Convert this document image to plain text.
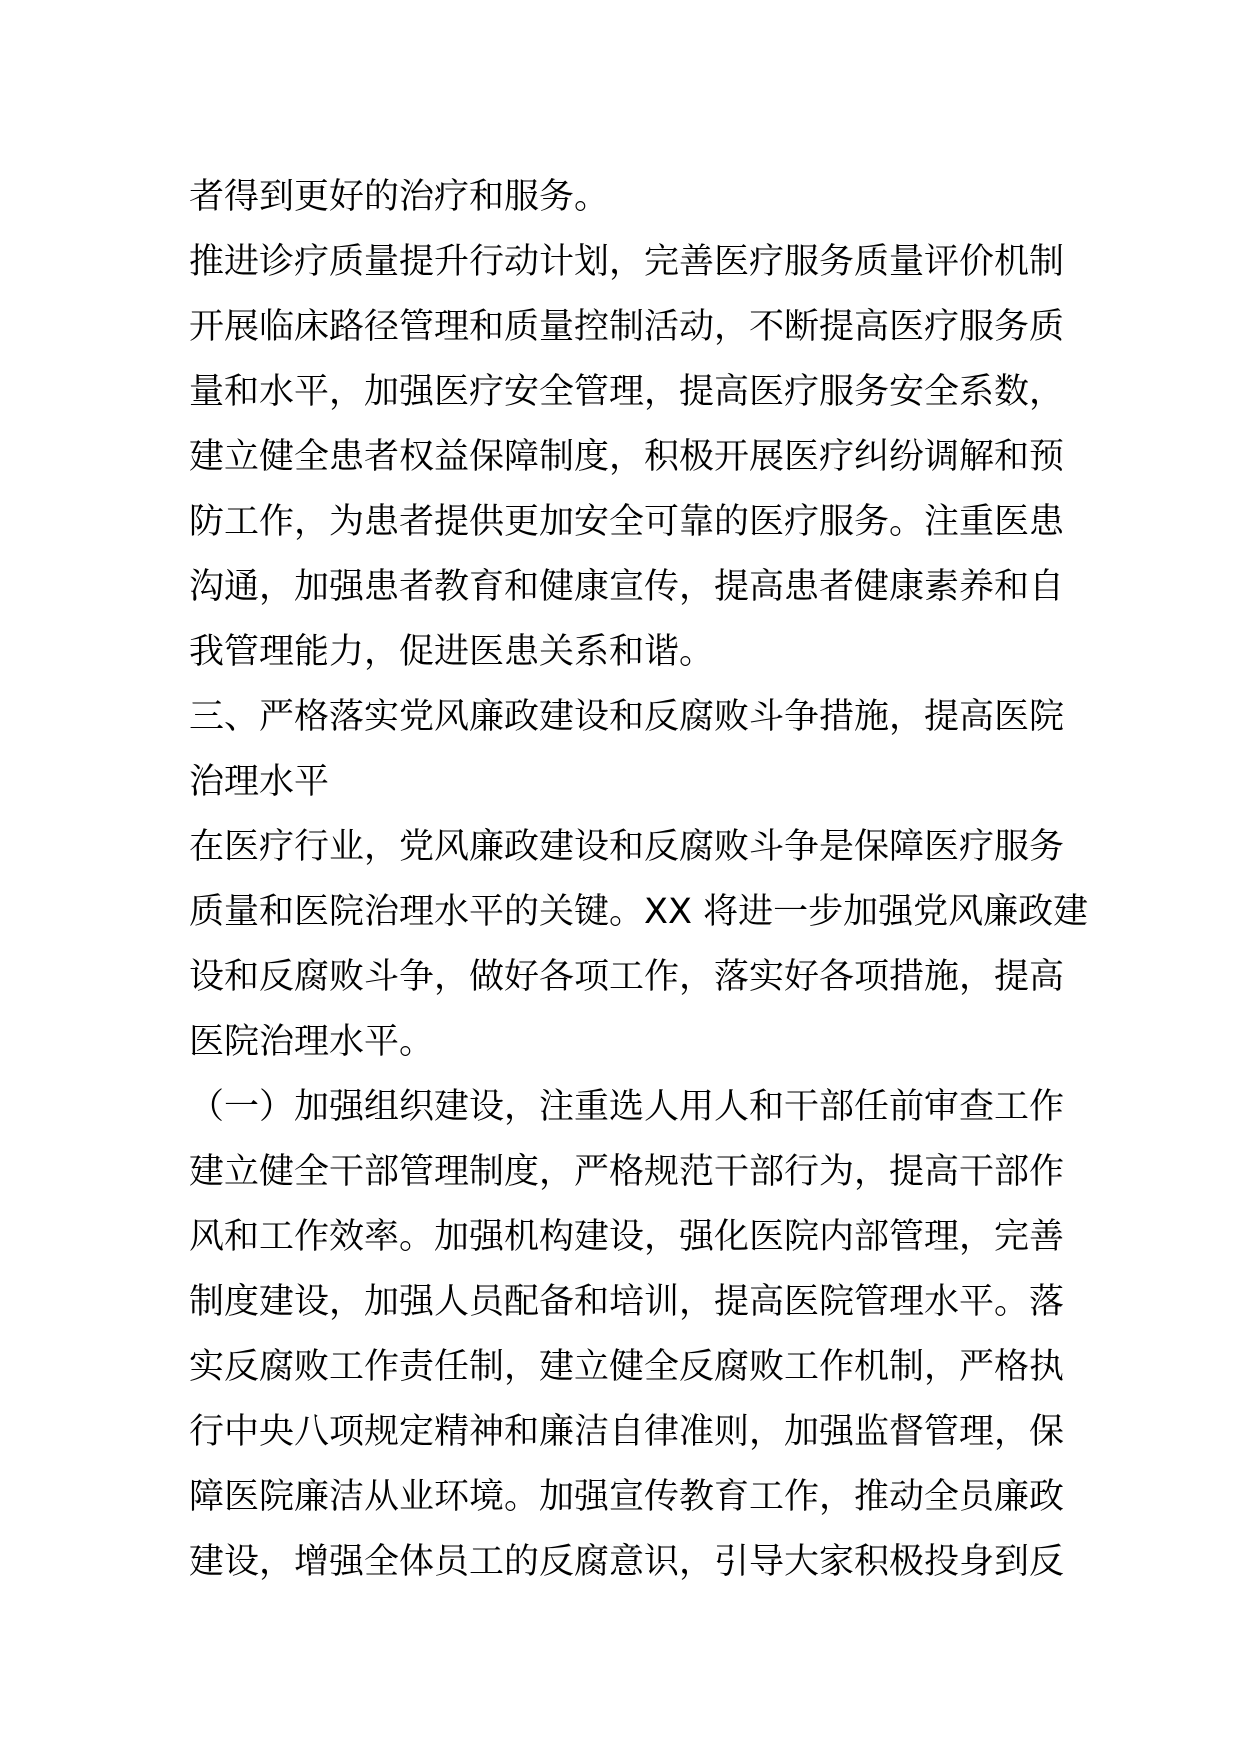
者得到更好的治疗和服务。
推进诊疗质量提升行动计划，完善医疗服务质量评价机制
开展临床路径管理和质量控制活动，不断提高医疗服务质
量和水平，加强医疗安全管理，提高医疗服务安全系数，
建立健全患者权益保障制度，积极开展医疗纠纷调解和预
防工作，为患者提供更加安全可靠的医疗服务。注重医患
沟通，加强患者教育和健康宣传，提高患者健康素养和自
我管理能力，促进医患关系和谐。
三、严格落实党风廉政建设和反腐败斗争措施，提高医院
治理水平
在医疗行业，党风廉政建设和反腐败斗争是保障医疗服务
质量和医院治理水平的关键。XX 将进一步加强党风廉政建
设和反腐败斗争，做好各项工作，落实好各项措施，提高
医院治理水平。
（一）加强组织建设，注重选人用人和干部任前审查工作
建立健全干部管理制度，严格规范干部行为，提高干部作
风和工作效率。加强机构建设，强化医院内部管理，完善
制度建设，加强人员配备和培训，提高医院管理水平。落
实反腐败工作责任制，建立健全反腐败工作机制，严格执
行中央八项规定精神和廉洁自律准则，加强监督管理，保
障医院廉洁从业环境。加强宣传教育工作，推动全员廉政
建设，增强全体员工的反腐意识，引导大家积极投身到反
